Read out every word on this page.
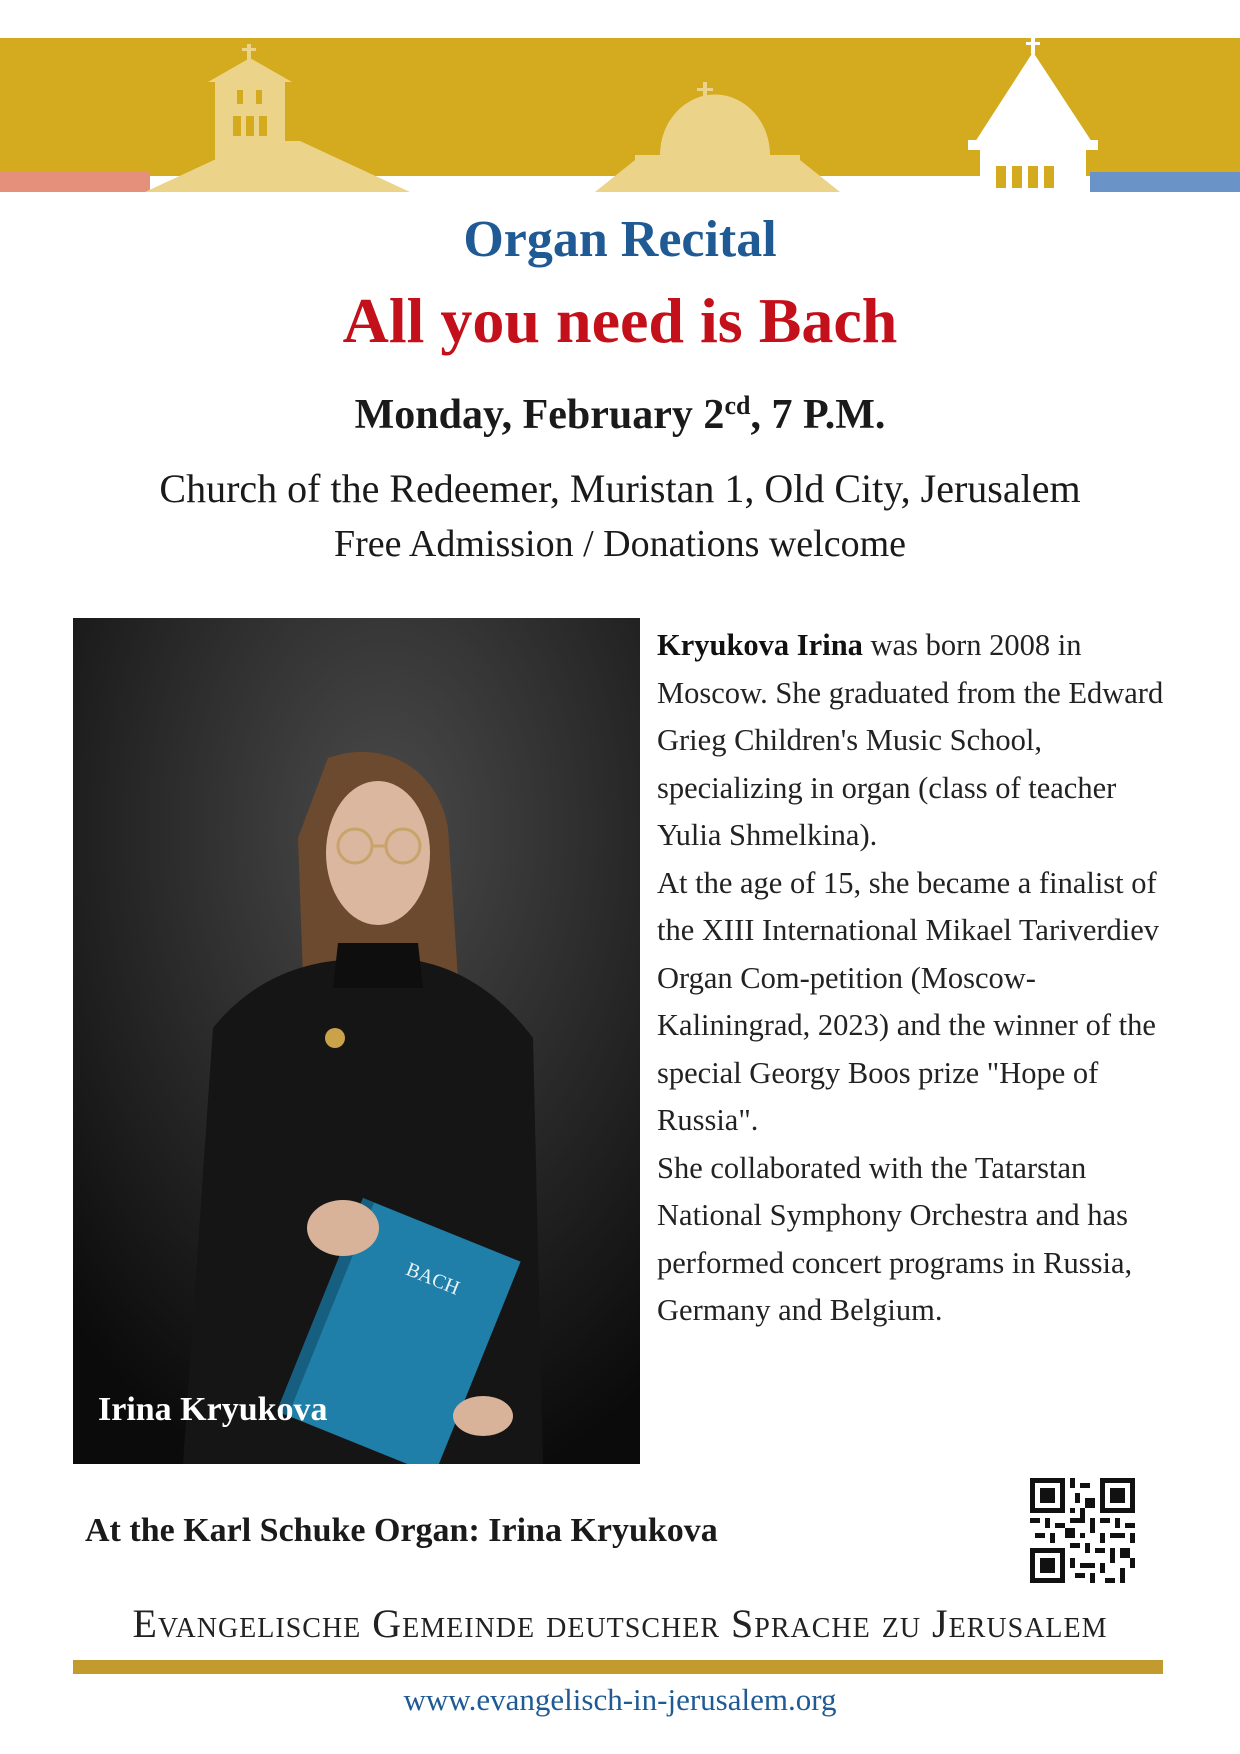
Organ Recital
All you need is Bach
Monday, February $2^{cd}$, 7 P.M.
Church of the Redeemer, Muristan 1, Old City, Jerusalem
Free Admission / Donations welcome
BACH
Irina Kryukova

Kryukova Irina was born 2008 in Moscow. She graduated from the Edward Grieg Children's Music School, specializing in organ (class of teacher Yulia Shmelkina).

At the age of 15, she became a finalist of the XIII International Mikael Tariverdiev Organ Com-petition (Moscow-Kaliningrad, 2023) and the winner of the special Georgy Boos prize "Hope of Russia".

She collaborated with the Tatarstan National Symphony Orchestra and has performed concert programs in Russia, Germany and Belgium.

At the Karl Schuke Organ: Irina Kryukova
Evangelische Gemeinde deutscher Sprache zu Jerusalem
www.evangelisch-in-jerusalem.org
